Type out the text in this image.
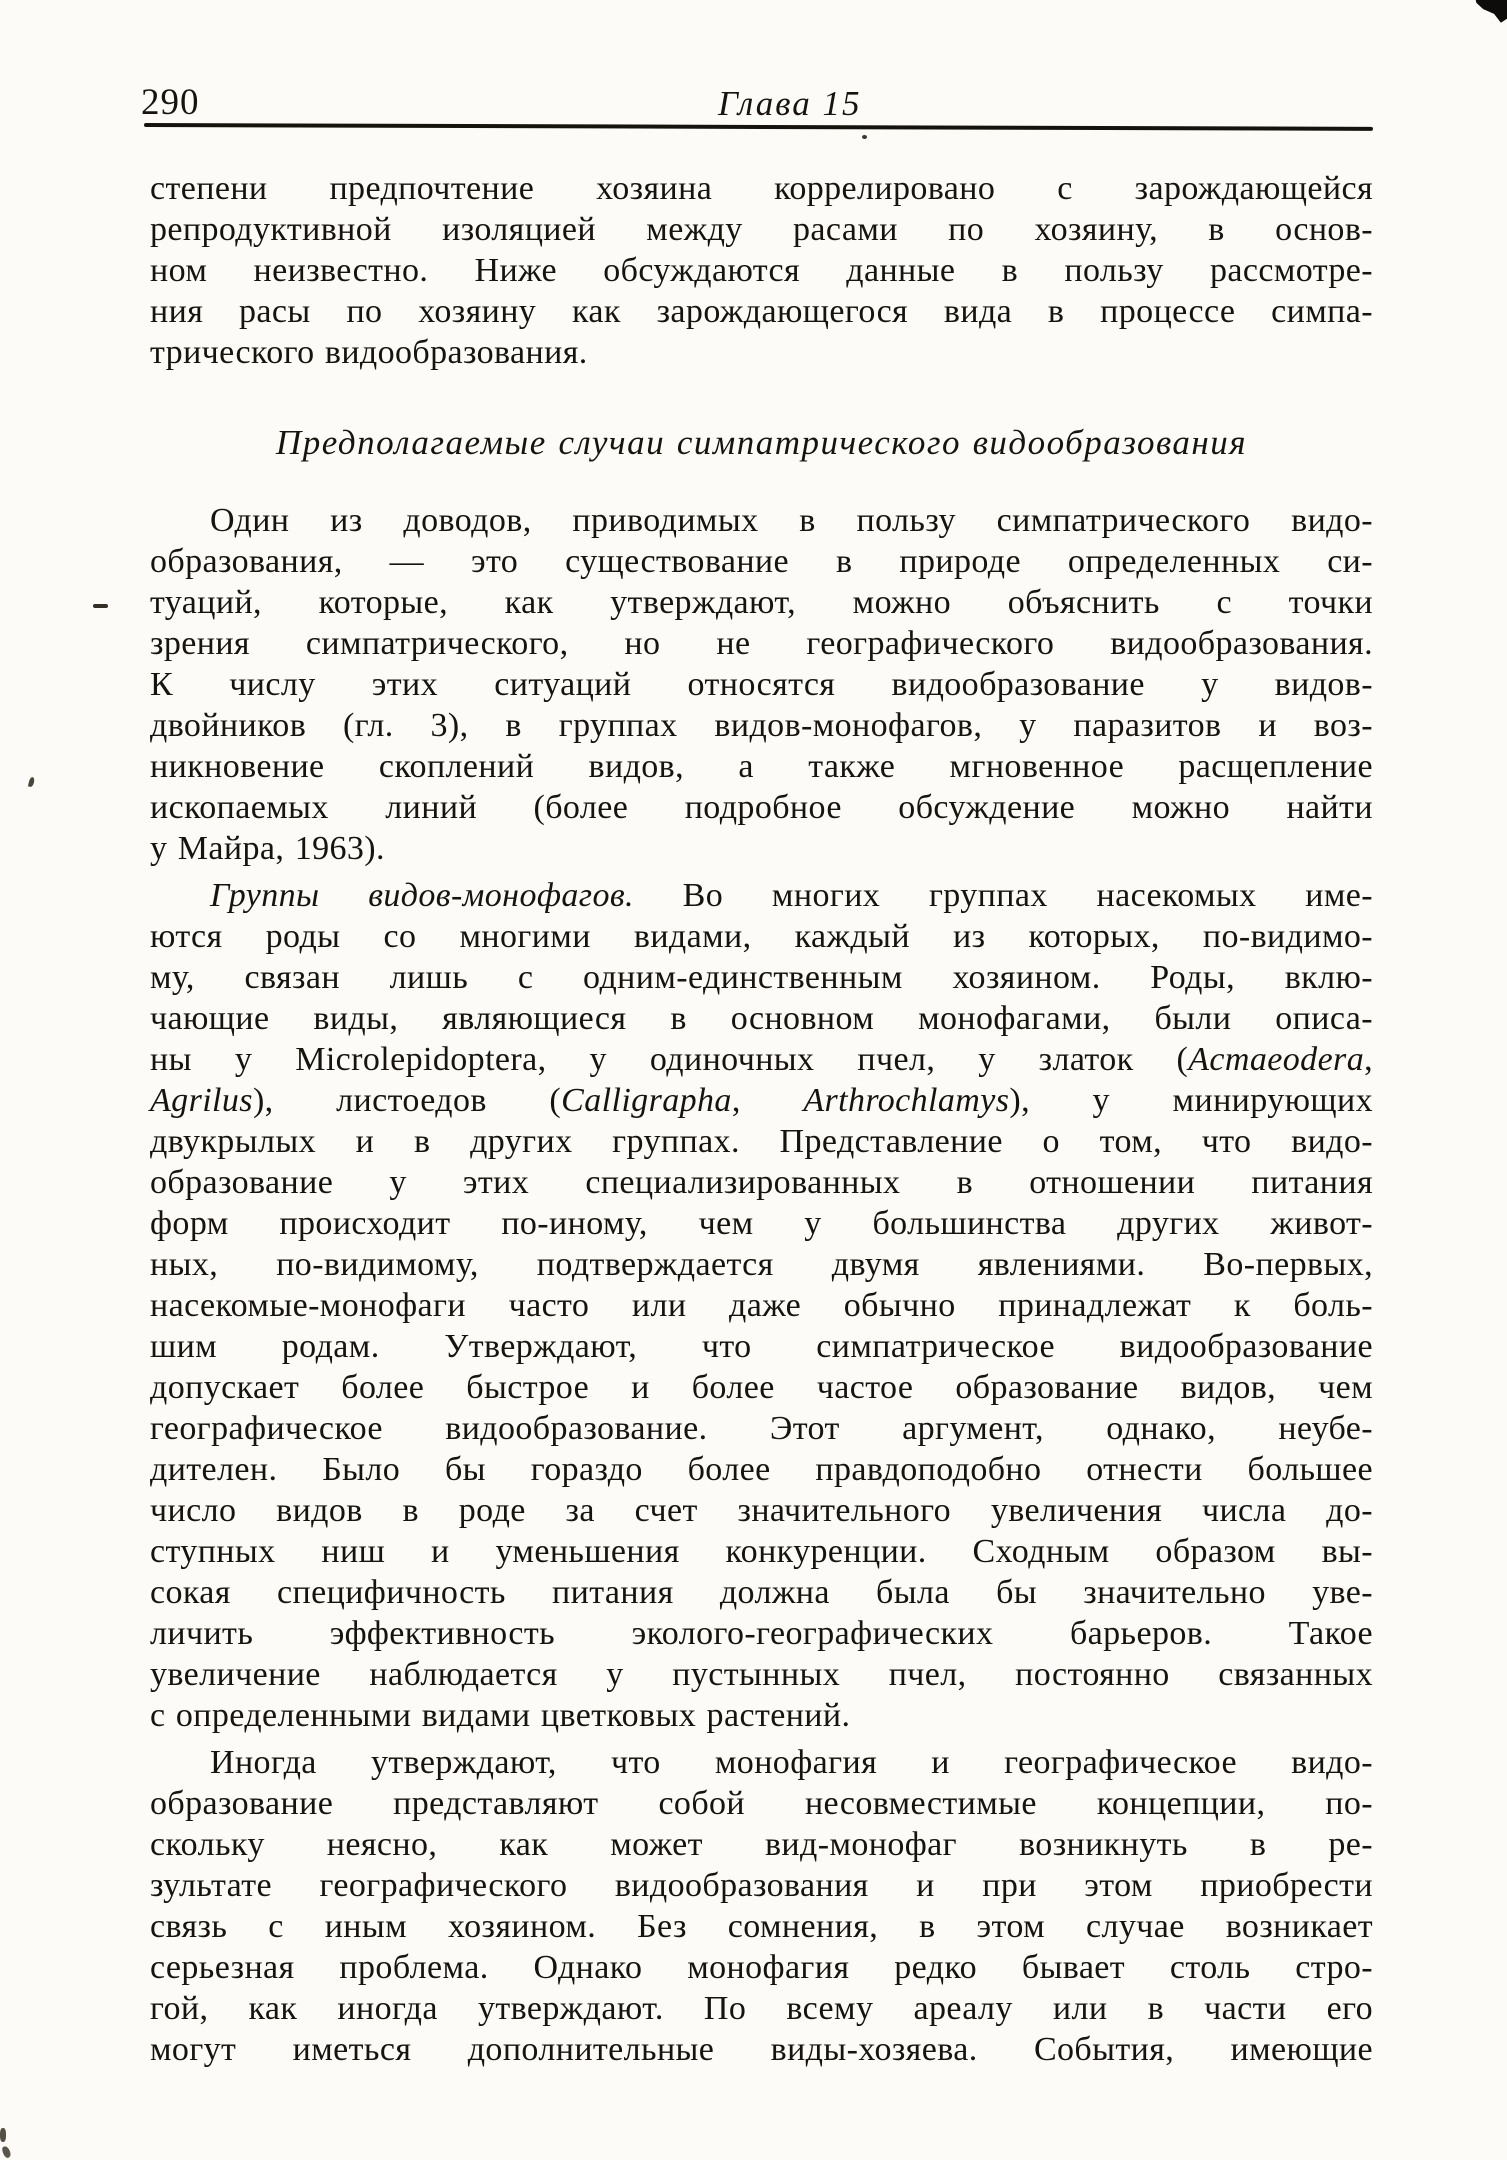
290	Глава 15
степени предпочтение хозяина коррелировано с зарождающейся
репродуктивной изоляцией между расами по хозяину, в основ-
ном неизвестно. Ниже обсуждаются данные в пользу рассмотре-
ния расы по хозяину как зарождающегося вида в процессе симпа-
трического видообразования.
Предполагаемые случаи симпатрического видообразования
Один из доводов, приводимых в пользу симпатрического видо-
образования, — это существование в природе определенных си-
туаций, которые, как утверждают, можно объяснить с точки
зрения симпатрического, но не географического видообразования.
К числу этих ситуаций относятся видообразование у видов-
двойников (гл. 3), в группах видов-монофагов, у паразитов и воз-
никновение скоплений видов, а также мгновенное расщепление
ископаемых линий (более подробное обсуждение можно найти
у Майра, 1963).
Группы видов-монофагов. Во многих группах насекомых име-
ются роды со многими видами, каждый из которых, по-видимо-
му, связан лишь с одним-единственным хозяином. Роды, вклю-
чающие виды, являющиеся в основном монофагами, были описа-
ны у Microlepidoptera, у одиночных пчел, у златок (Acmaeodera,
Agrilus), листоедов (Calligrapha, Arthrochlamys), у минирующих
двукрылых и в других группах. Представление о том, что видо-
образование у этих специализированных в отношении питания
форм происходит по-иному, чем у большинства других живот-
ных, по-видимому, подтверждается двумя явлениями. Во-первых,
насекомые-монофаги часто или даже обычно принадлежат к боль-
шим родам. Утверждают, что симпатрическое видообразование
допускает более быстрое и более частое образование видов, чем
географическое видообразование. Этот аргумент, однако, неубе-
дителен. Было бы гораздо более правдоподобно отнести большее
число видов в роде за счет значительного увеличения числа до-
ступных ниш и уменьшения конкуренции. Сходным образом вы-
сокая специфичность питания должна была бы значительно уве-
личить эффективность эколого-географических барьеров. Такое
увеличение наблюдается у пустынных пчел, постоянно связанных
с определенными видами цветковых растений.
Иногда утверждают, что монофагия и географическое видо-
образование представляют собой несовместимые концепции, по-
скольку неясно, как может вид-монофаг возникнуть в ре-
зультате географического видообразования и при этом приобрести
связь с иным хозяином. Без сомнения, в этом случае возникает
серьезная проблема. Однако монофагия редко бывает столь стро-
гой, как иногда утверждают. По всему ареалу или в части его
могут иметься дополнительные виды-хозяева. События, имеющие
